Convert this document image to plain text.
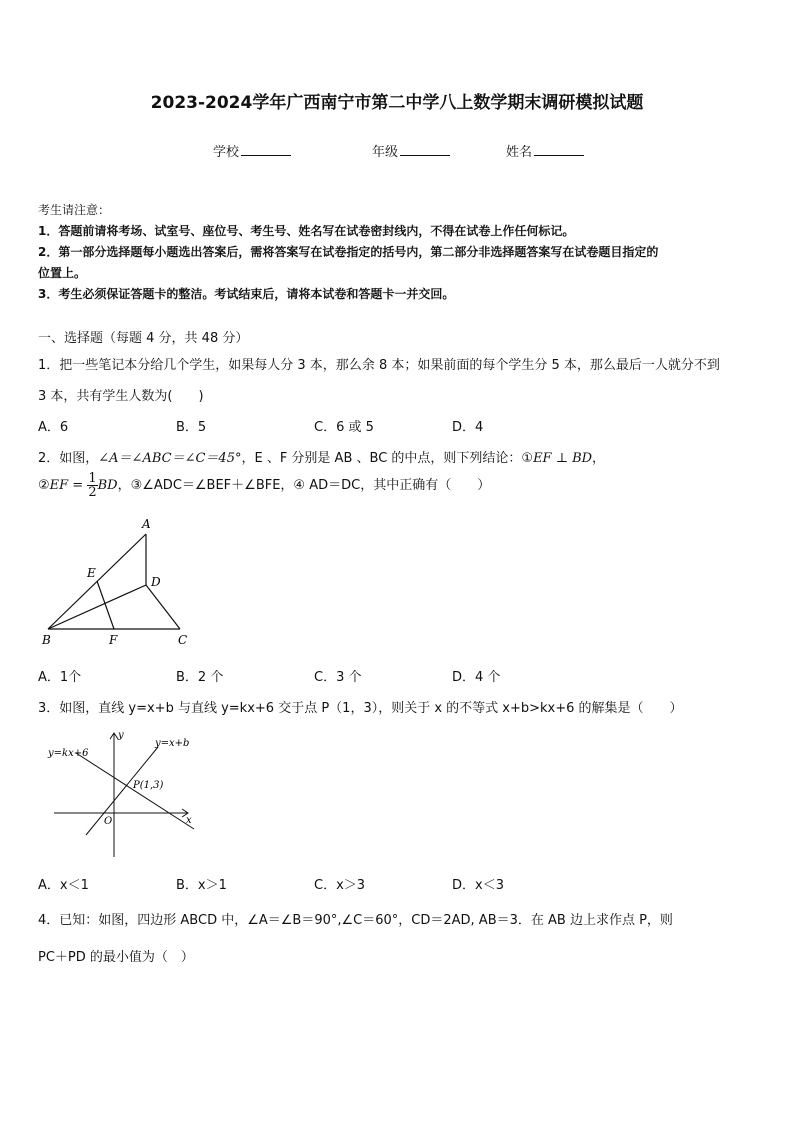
2023-2024学年广西南宁市第二中学八上数学期末调研模拟试题
学校	年级	姓名
考生请注意：
1．答题前请将考场、试室号、座位号、考生号、姓名写在试卷密封线内，不得在试卷上作任何标记。
2．第一部分选择题每小题选出答案后，需将答案写在试卷指定的括号内，第二部分非选择题答案写在试卷题目指定的
位置上。
3．考生必须保证答题卡的整洁。考试结束后，请将本试卷和答题卡一并交回。
一、选择题（每题 4 分，共 48 分）
1．把一些笔记本分给几个学生，如果每人分 3 本，那么余 8 本；如果前面的每个学生分 5 本，那么最后一人就分不到
3 本，共有学生人数为(　　)
A．6	B．5	C．6 或 5	D．4
2．如图，∠A＝∠ABC＝∠C＝45°，E 、F 分别是 AB 、BC 的中点，则下列结论：①EF ⊥ BD，
②EF = $\frac{1}{2}$ BD，③∠ADC＝∠BEF＋∠BFE，④ AD＝DC，其中正确有（　　）
A
E
D
B	F	C
A．1个	B．2 个	C．3 个	D．4 个
3．如图，直线 y=x+b 与直线 y=kx+6 交于点 P（1，3），则关于 x 的不等式 x+b>kx+6 的解集是（　　）
y=kx+6
y=x+b
P(1,3)
O	x
y
A．x＜1	B．x＞1	C．x＞3	D．x＜3
4．已知：如图，四边形 ABCD 中，∠A＝∠B＝90°,∠C＝60°，CD＝2AD, AB＝3．在 AB 边上求作点 P，则
PC＋PD 的最小值为（　）
